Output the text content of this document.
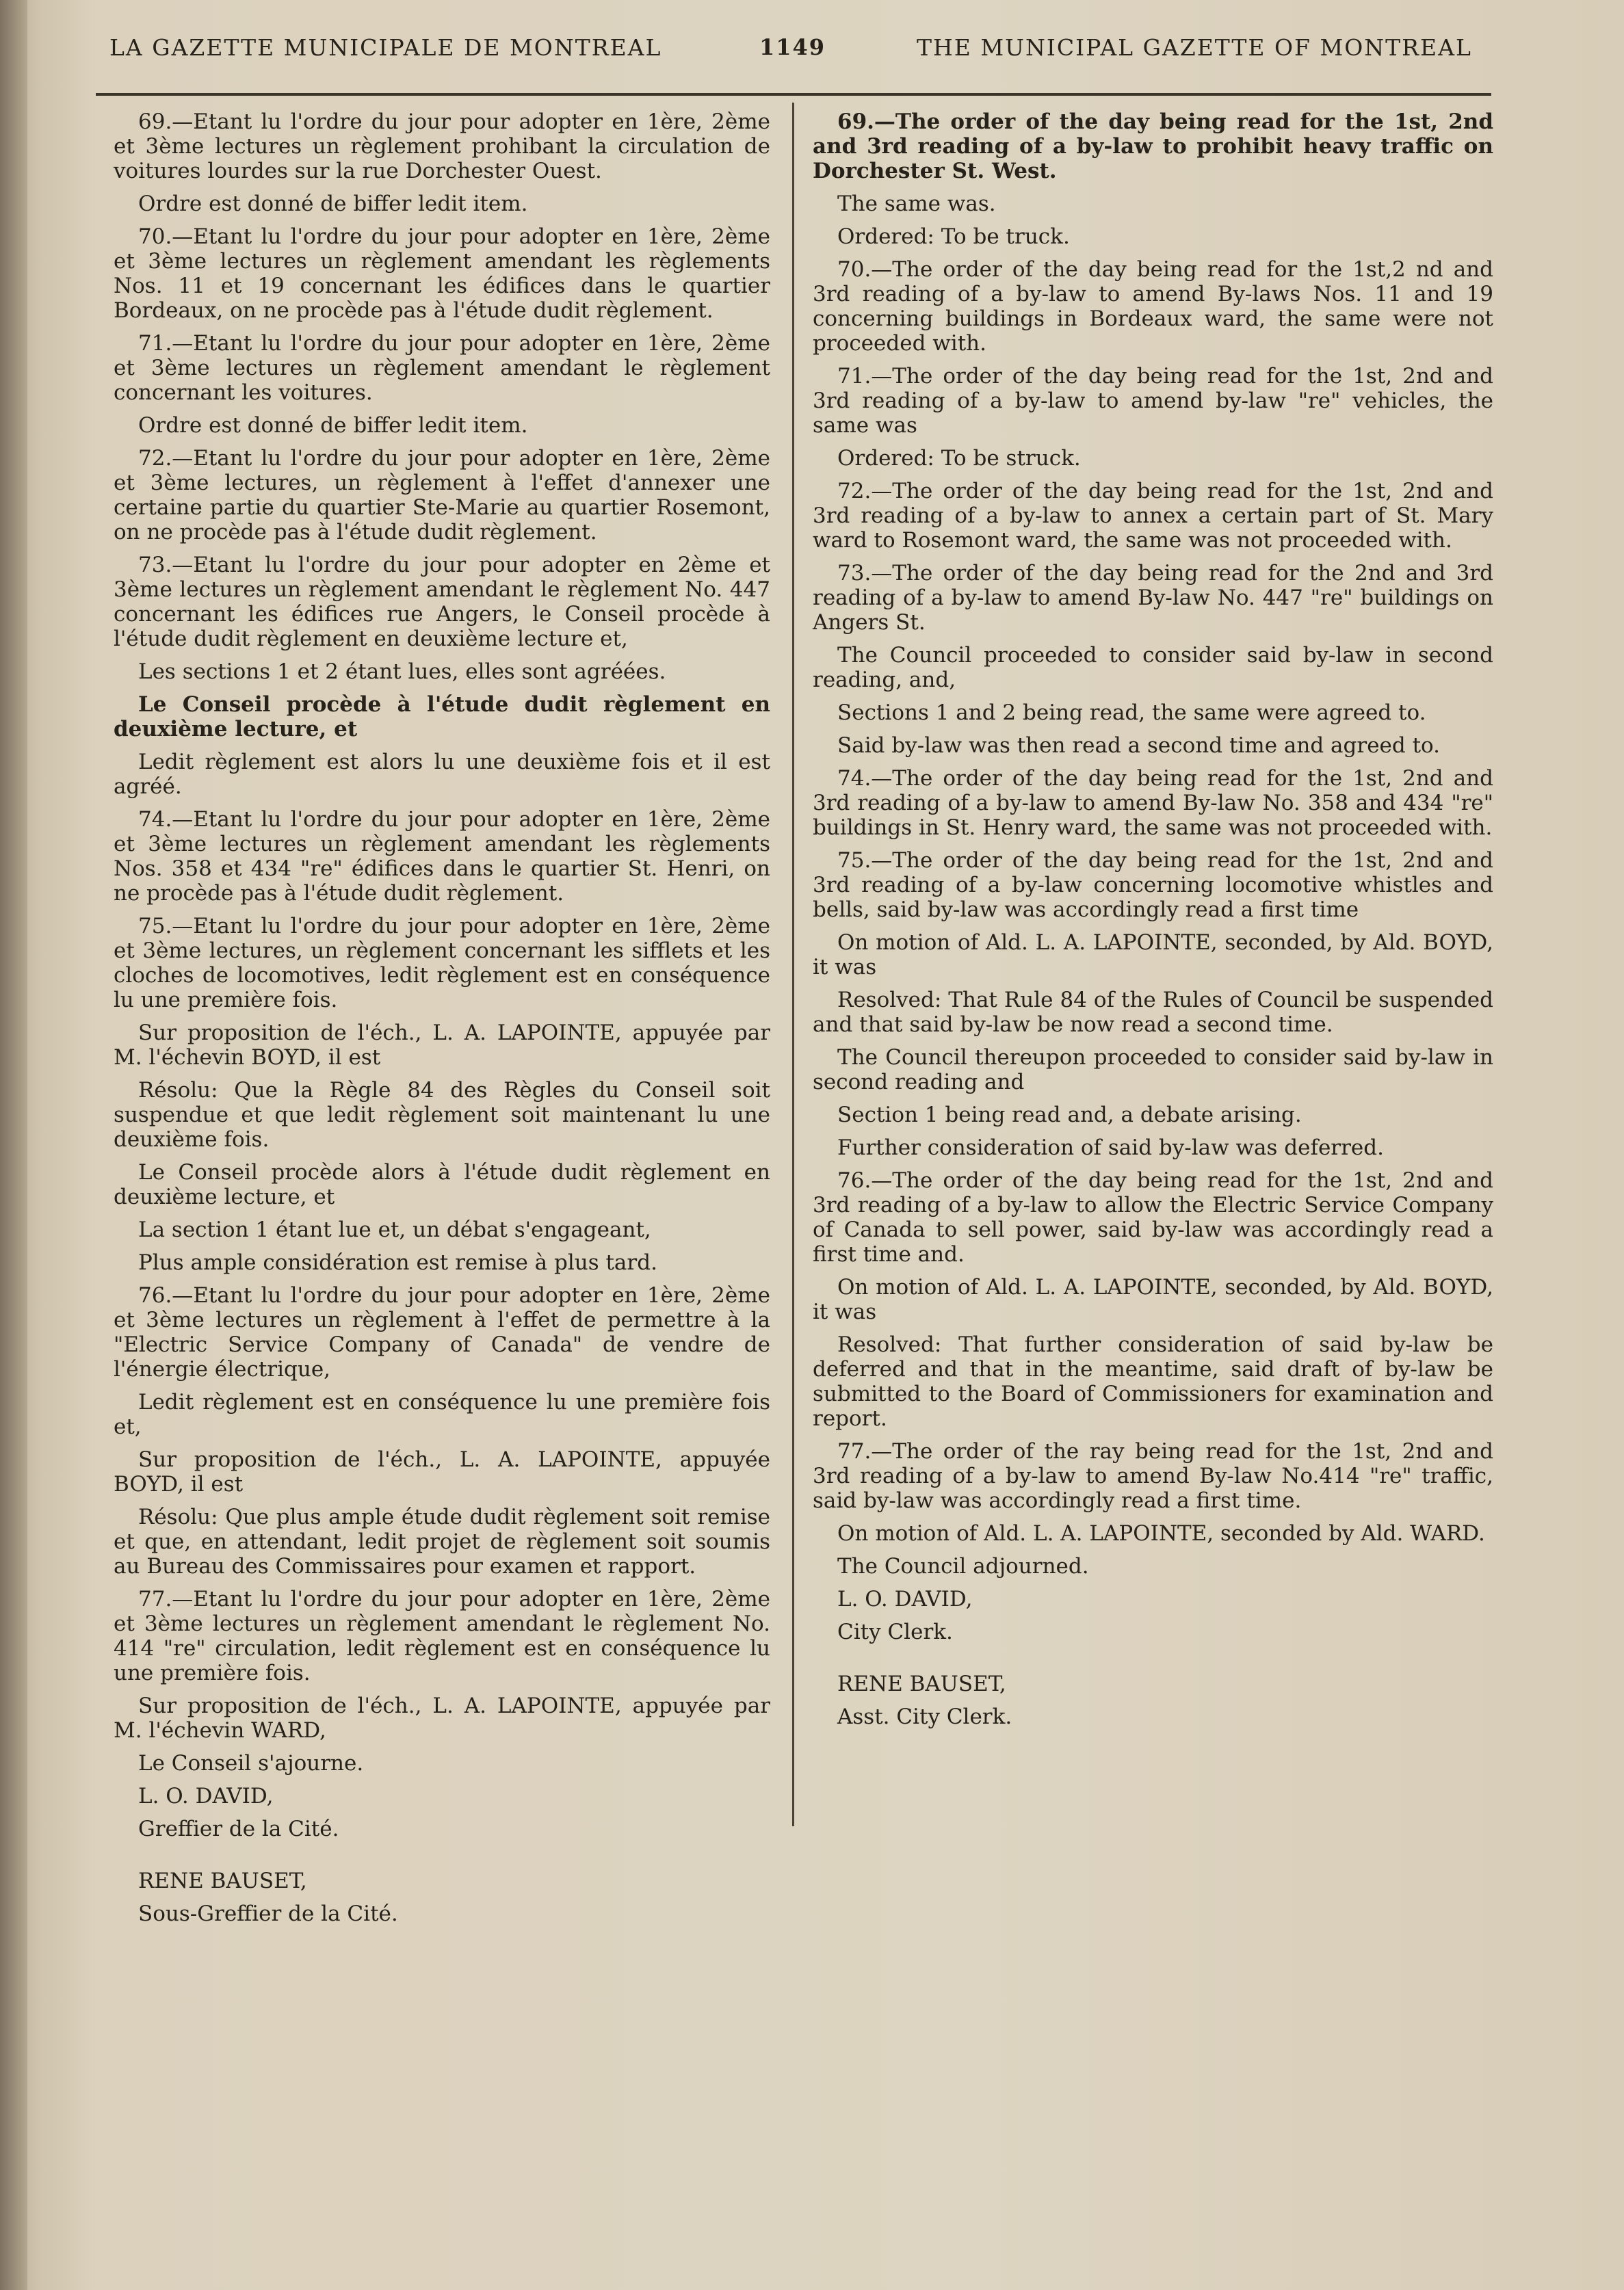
LA GAZETTE MUNICIPALE DE MONTREAL	1149	THE MUNICIPAL GAZETTE OF MONTREAL

69.—Etant lu l'ordre du jour pour adopter en 1ère, 2ème et 3ème lectures un règlement prohibant la circulation de voitures lourdes sur la rue Dorchester Ouest.

Ordre est donné de biffer ledit item.

70.—Etant lu l'ordre du jour pour adopter en 1ère, 2ème et 3ème lectures un règlement amendant les règlements Nos. 11 et 19 concernant les édifices dans le quartier Bordeaux, on ne procède pas à l'étude dudit règlement.

71.—Etant lu l'ordre du jour pour adopter en 1ère, 2ème et 3ème lectures un règlement amendant le règlement concernant les voitures.

Ordre est donné de biffer ledit item.

72.—Etant lu l'ordre du jour pour adopter en 1ère, 2ème et 3ème lectures, un règlement à l'effet d'annexer une certaine partie du quartier Ste-Marie au quartier Rosemont, on ne procède pas à l'étude dudit règlement.

73.—Etant lu l'ordre du jour pour adopter en 2ème et 3ème lectures un règlement amendant le règlement No. 447 concernant les édifices rue Angers, le Conseil procède à l'étude dudit règlement en deuxième lecture et,

Les sections 1 et 2 étant lues, elles sont agréées.

Le Conseil procède à l'étude dudit règlement en deuxième lecture, et

Ledit règlement est alors lu une deuxième fois et il est agréé.

74.—Etant lu l'ordre du jour pour adopter en 1ère, 2ème et 3ème lectures un règlement amendant les règlements Nos. 358 et 434 "re" édifices dans le quartier St. Henri, on ne procède pas à l'étude dudit règlement.

75.—Etant lu l'ordre du jour pour adopter en 1ère, 2ème et 3ème lectures, un règlement concernant les sifflets et les cloches de locomotives, ledit règlement est en conséquence lu une première fois.

Sur proposition de l'éch., L. A. LAPOINTE, appuyée par M. l'échevin BOYD, il est

Résolu: Que la Règle 84 des Règles du Conseil soit suspendue et que ledit règlement soit maintenant lu une deuxième fois.

Le Conseil procède alors à l'étude dudit règlement en deuxième lecture, et

La section 1 étant lue et, un débat s'engageant,

Plus ample considération est remise à plus tard.

76.—Etant lu l'ordre du jour pour adopter en 1ère, 2ème et 3ème lectures un règlement à l'effet de permettre à la "Electric Service Company of Canada" de vendre de l'énergie électrique,

Ledit règlement est en conséquence lu une première fois et,

Sur proposition de l'éch., L. A. LAPOINTE, appuyée BOYD, il est

Résolu: Que plus ample étude dudit règlement soit remise et que, en attendant, ledit projet de règlement soit soumis au Bureau des Commissaires pour examen et rapport.

77.—Etant lu l'ordre du jour pour adopter en 1ère, 2ème et 3ème lectures un règlement amendant le règlement No. 414 "re" circulation, ledit règlement est en conséquence lu une première fois.

Sur proposition de l'éch., L. A. LAPOINTE, appuyée par M. l'échevin WARD,

Le Conseil s'ajourne.

L. O. DAVID,

Greffier de la Cité.

RENE BAUSET,

Sous-Greffier de la Cité.

69.—The order of the day being read for the 1st, 2nd and 3rd reading of a by-law to prohibit heavy traffic on Dorchester St. West.

The same was.

Ordered: To be truck.

70.—The order of the day being read for the 1st,2 nd and 3rd reading of a by-law to amend By-laws Nos. 11 and 19 concerning buildings in Bordeaux ward, the same were not proceeded with.

71.—The order of the day being read for the 1st, 2nd and 3rd reading of a by-law to amend by-law "re" vehicles, the same was

Ordered: To be struck.

72.—The order of the day being read for the 1st, 2nd and 3rd reading of a by-law to annex a certain part of St. Mary ward to Rosemont ward, the same was not proceeded with.

73.—The order of the day being read for the 2nd and 3rd reading of a by-law to amend By-law No. 447 "re" buildings on Angers St.

The Council proceeded to consider said by-law in second reading, and,

Sections 1 and 2 being read, the same were agreed to.

Said by-law was then read a second time and agreed to.

74.—The order of the day being read for the 1st, 2nd and 3rd reading of a by-law to amend By-law No. 358 and 434 "re" buildings in St. Henry ward, the same was not proceeded with.

75.—The order of the day being read for the 1st, 2nd and 3rd reading of a by-law concerning locomotive whistles and bells, said by-law was accordingly read a first time

On motion of Ald. L. A. LAPOINTE, seconded, by Ald. BOYD, it was

Resolved: That Rule 84 of the Rules of Council be suspended and that said by-law be now read a second time.

The Council thereupon proceeded to consider said by-law in second reading and

Section 1 being read and, a debate arising.

Further consideration of said by-law was deferred.

76.—The order of the day being read for the 1st, 2nd and 3rd reading of a by-law to allow the Electric Service Company of Canada to sell power, said by-law was accordingly read a first time and.

On motion of Ald. L. A. LAPOINTE, seconded, by Ald. BOYD, it was

Resolved: That further consideration of said by-law be deferred and that in the meantime, said draft of by-law be submitted to the Board of Commissioners for examination and report.

77.—The order of the ray being read for the 1st, 2nd and 3rd reading of a by-law to amend By-law No.414 "re" traffic, said by-law was accordingly read a first time.

On motion of Ald. L. A. LAPOINTE, seconded by Ald. WARD.

The Council adjourned.

L. O. DAVID,

City Clerk.

RENE BAUSET,

Asst. City Clerk.
